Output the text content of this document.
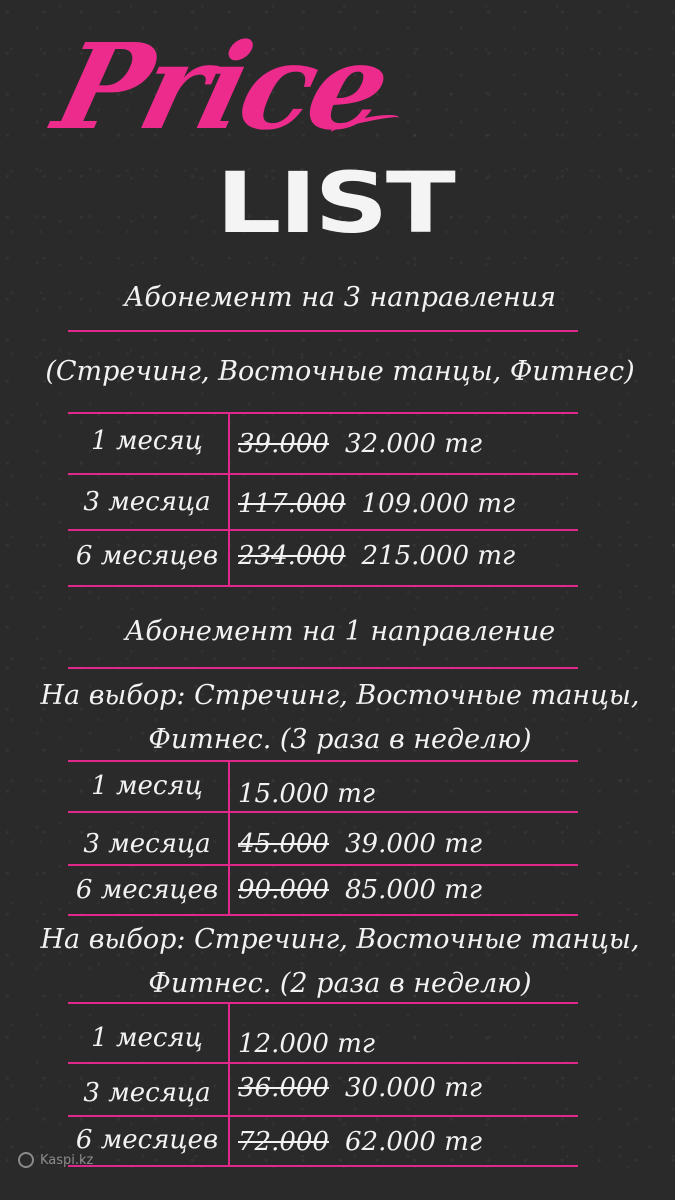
Price
LIST
Абонемент на 3 направления
(Стречинг, Восточные танцы, Фитнес)
1 месяц	39.000 32.000 тг
3 месяца	117.000 109.000 тг
6 месяцев 234.000 215.000 тг
Абонемент на 1 направление
На выбор: Стречинг, Восточные танцы,
Фитнес. (3 раза в неделю)
1 месяц	15.000 тг
3 месяца	45.000 39.000 тг
6 месяцев 90.000 85.000 тг
На выбор: Стречинг, Восточные танцы,
Фитнес. (2 раза в неделю)
1 месяц	12.000 тг
3 месяца	36.000 30.000 тг
6 месяцев 72.000 62.000 тг
Kaspi.kz
